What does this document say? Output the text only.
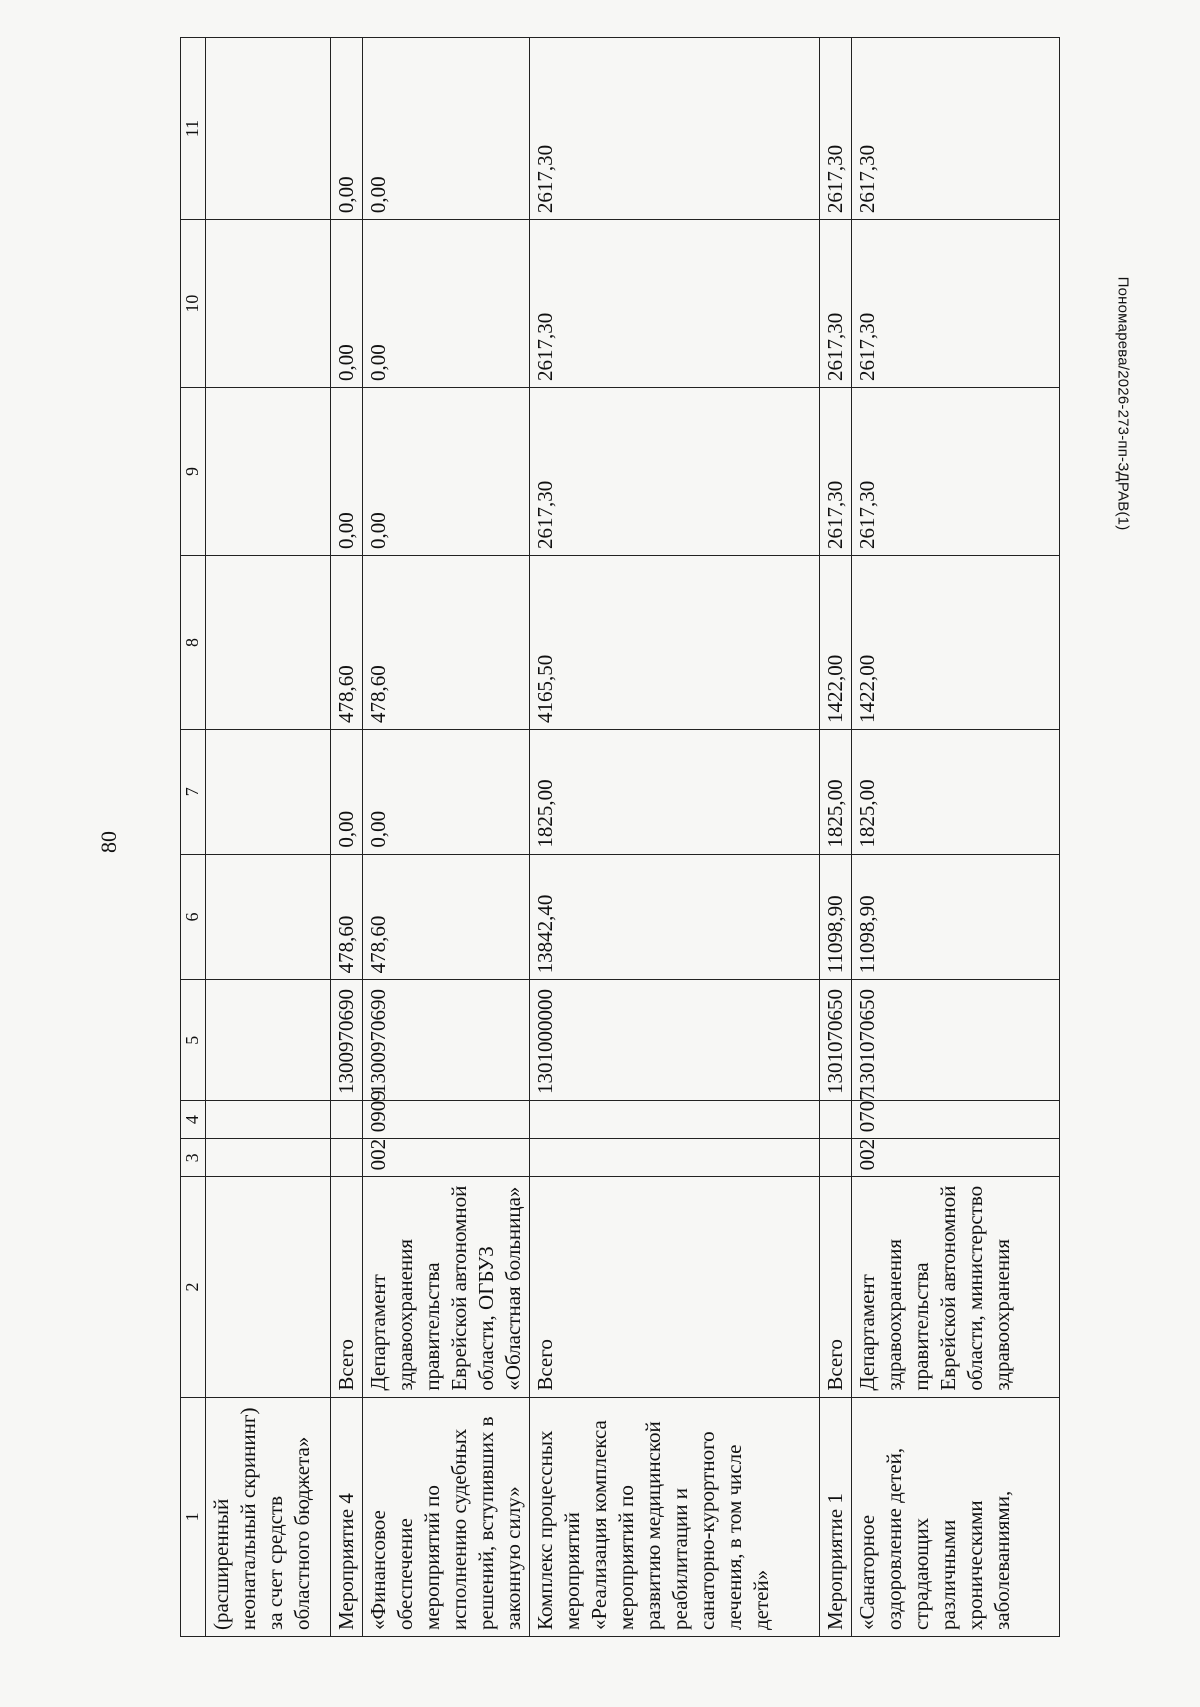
80
1	2	3	4	5	6	7	8	9	10	11
(расширенный неонатальный скрининг) за счет средств областного бюджета»										
Мероприятие 4	Всего			1300970690	478,60	0,00	478,60	0,00	0,00	0,00
«Финансовое обеспечение мероприятий по исполнению судебных решений, вступивших в законную силу»	Департамент здравоохранения правительства Еврейской автономной области, ОГБУЗ «Областная больница»	002	0909	1300970690	478,60	0,00	478,60	0,00	0,00	0,00
Комплекс процессных мероприятий «Реализация комплекса мероприятий по развитию медицинской реабилитации и санаторно-курортного лечения, в том числе детей»	Всего			1301000000	13842,40	1825,00	4165,50	2617,30	2617,30	2617,30
Мероприятие 1	Всего			1301070650	11098,90	1825,00	1422,00	2617,30	2617,30	2617,30
«Санаторное оздоровление детей, страдающих различными хроническими заболеваниями,	Департамент здравоохранения правительства Еврейской автономной области, министерство здравоохранения	002	0707	1301070650	11098,90	1825,00	1422,00	2617,30	2617,30	2617,30
Пономарева/2026-273-пп-ЗДРАВ(1)
